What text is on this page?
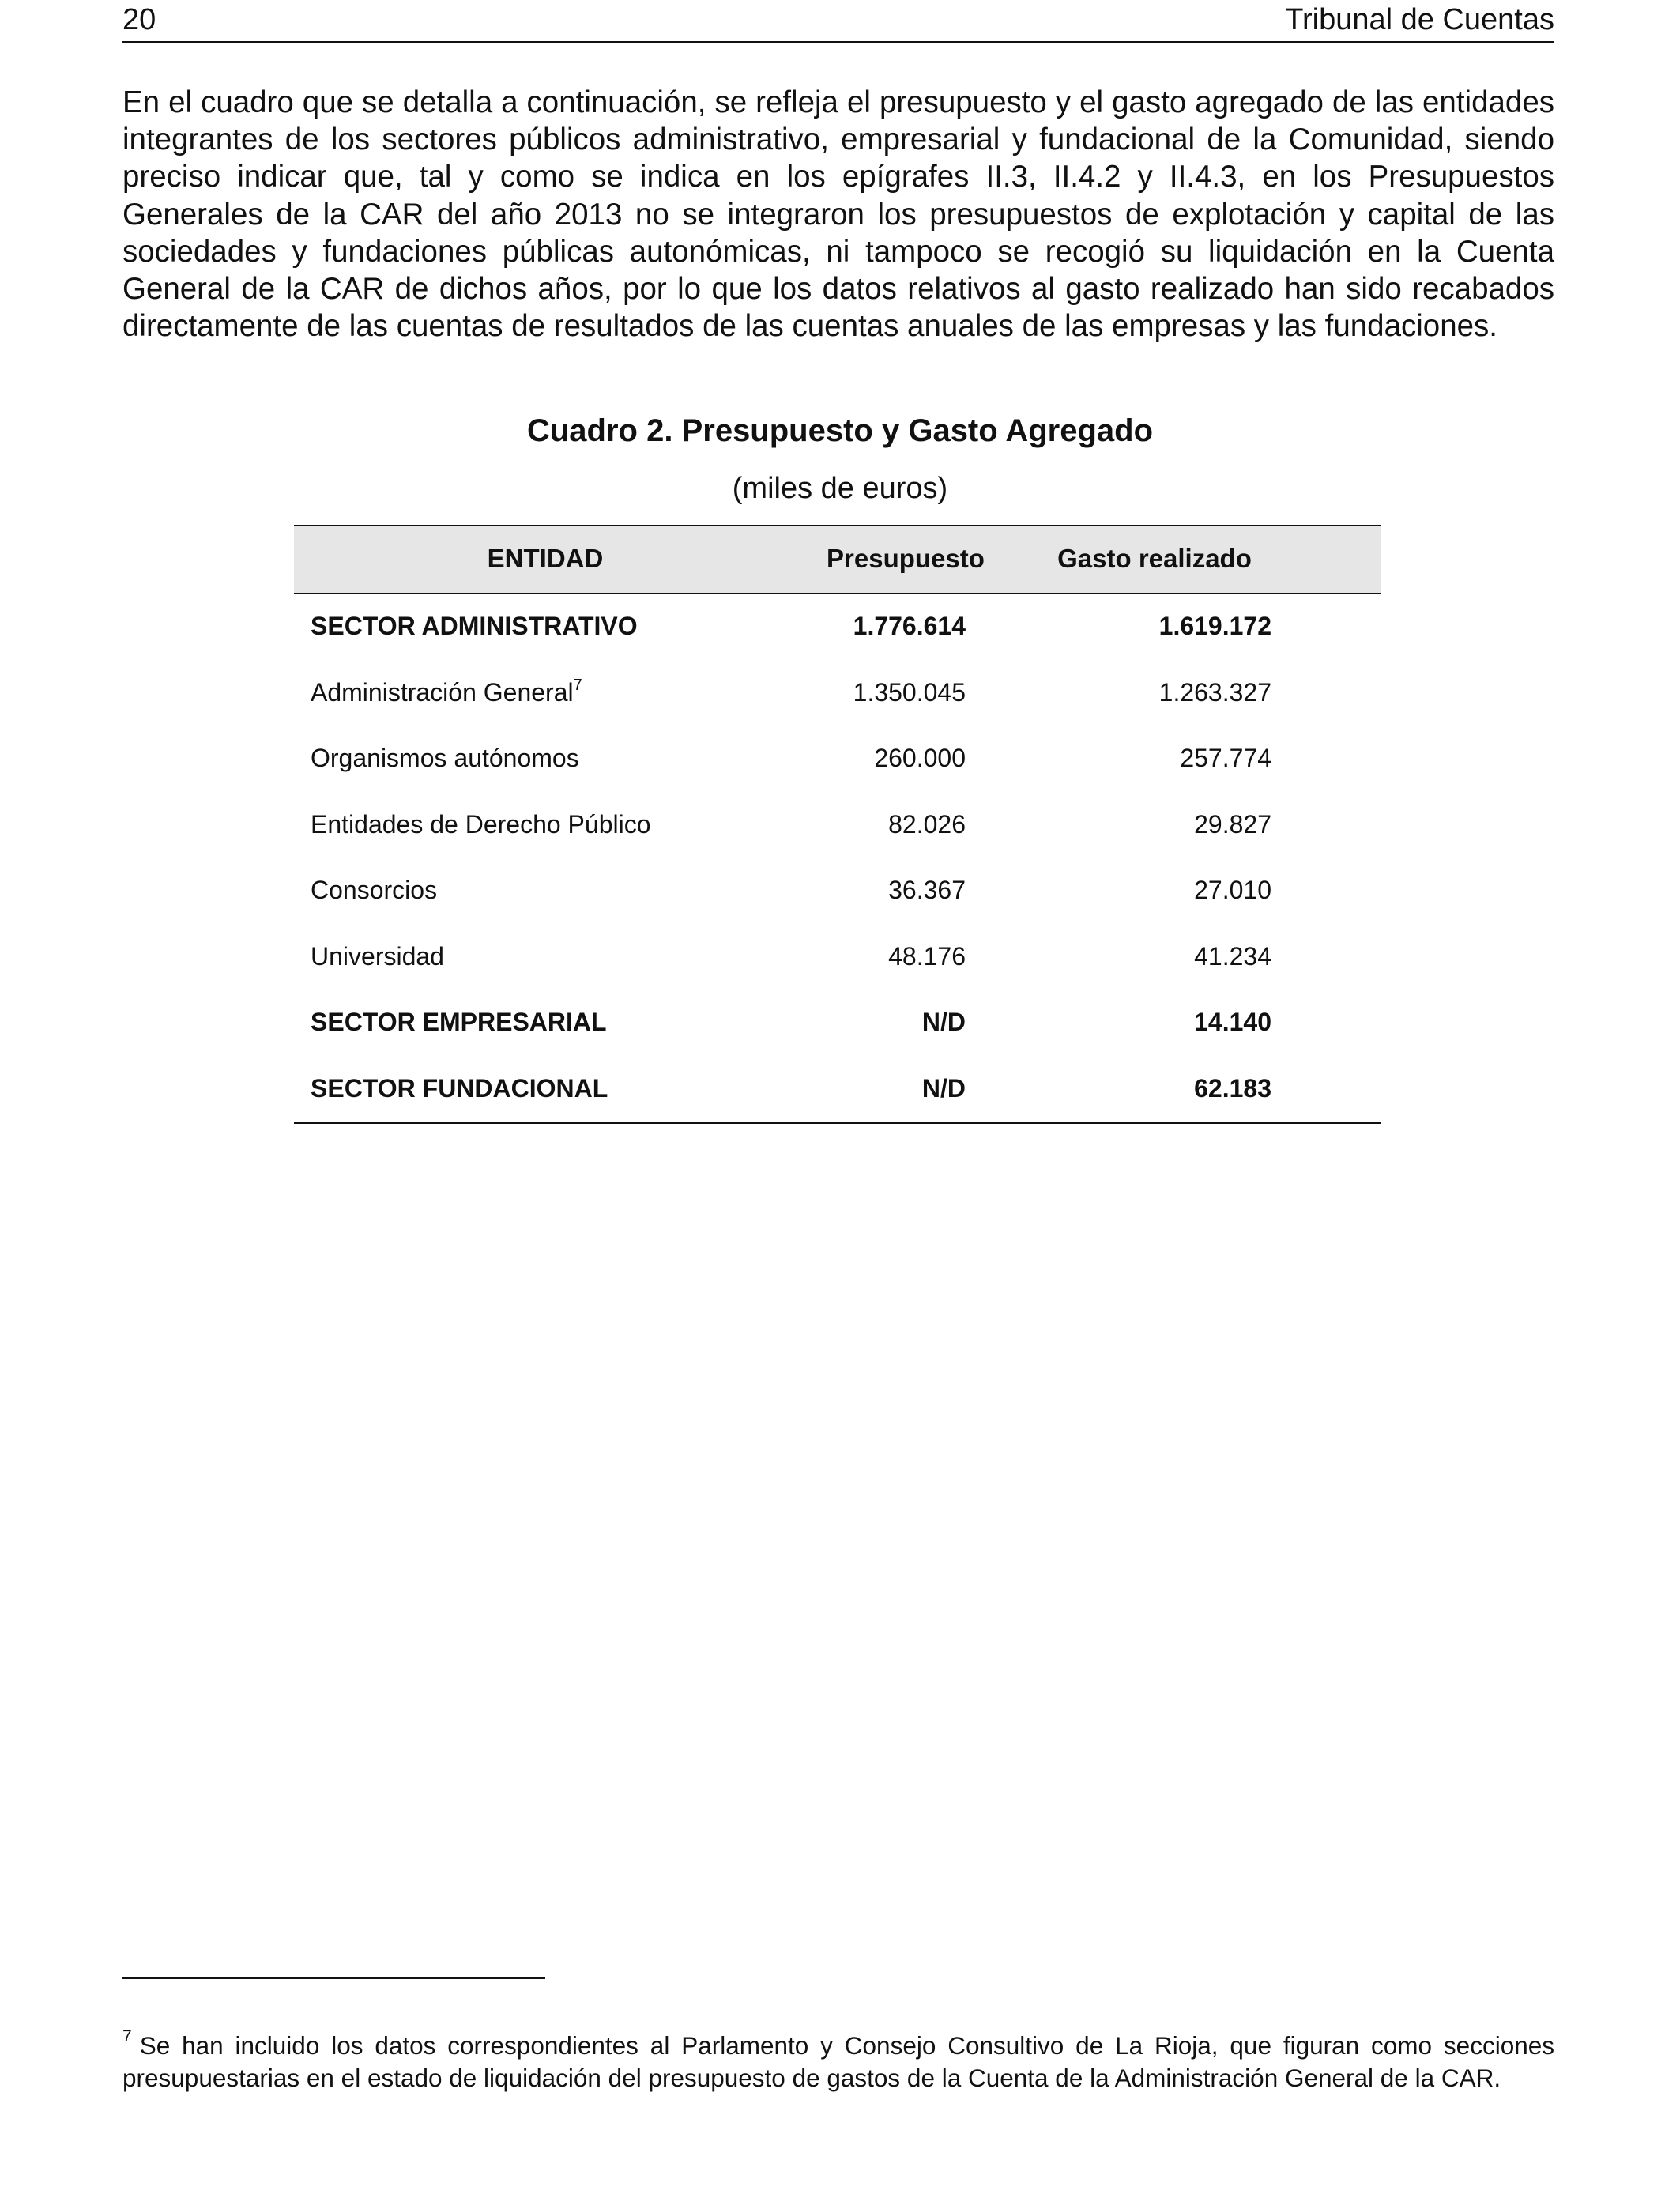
20	Tribunal de Cuentas

En el cuadro que se detalla a continuación, se refleja el presupuesto y el gasto agregado de las entidades integrantes de los sectores públicos administrativo, empresarial y fundacional de la Comunidad, siendo preciso indicar que, tal y como se indica en los epígrafes II.3, II.4.2 y II.4.3, en los Presupuestos Generales de la CAR del año 2013 no se integraron los presupuestos de explotación y capital de las sociedades y fundaciones públicas autonómicas, ni tampoco se recogió su liquidación en la Cuenta General de la CAR de dichos años, por lo que los datos relativos al gasto realizado han sido recabados directamente de las cuentas de resultados de las cuentas anuales de las empresas y las fundaciones.

Cuadro 2. Presupuesto y Gasto Agregado
(miles de euros)
ENTIDAD	Presupuesto	Gasto realizado
SECTOR ADMINISTRATIVO	1.776.614	1.619.172
Administración General$^7$	1.350.045	1.263.327
Organismos autónomos	260.000	257.774
Entidades de Derecho Público	82.026	29.827
Consorcios	36.367	27.010
Universidad	48.176	41.234
SECTOR EMPRESARIAL	N/D	14.140
SECTOR FUNDACIONAL	N/D	62.183

$^7$ Se han incluido los datos correspondientes al Parlamento y Consejo Consultivo de La Rioja, que figuran como secciones presupuestarias en el estado de liquidación del presupuesto de gastos de la Cuenta de la Administración General de la CAR.
